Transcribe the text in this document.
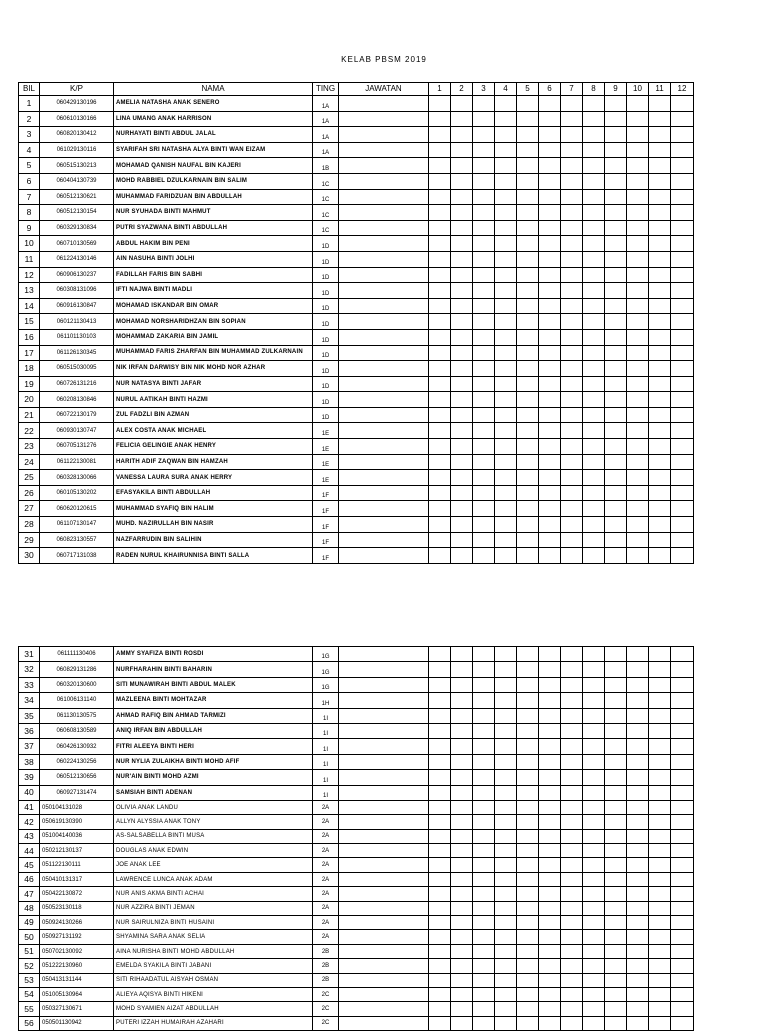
KELAB PBSM 2019
BIL	K/P	NAMA	TING	JAWATAN	1	2	3	4	5	6	7	8	9	10	11	12
1	060429130196	AMELIA NATASHA ANAK SENERO	1A													
2	060610130166	LINA UMANG ANAK HARRISON	1A													
3	060820130412	NURHAYATI BINTI ABDUL JALAL	1A													
4	061029130116	SYARIFAH SRI NATASHA ALYA BINTI WAN EIZAM	1A													
5	060515130213	MOHAMAD QANISH NAUFAL BIN KAJERI	1B													
6	060404130739	MOHD RABBIEL DZULKARNAIN BIN SALIM	1C													
7	060512130621	MUHAMMAD FARIDZUAN BIN ABDULLAH	1C													
8	060512130154	NUR SYUHADA BINTI MAHMUT	1C													
9	060329130834	PUTRI SYAZWANA BINTI ABDULLAH	1C													
10	060710130569	ABDUL HAKIM BIN PENI	1D													
11	061224130146	AIN NASUHA BINTI JOLHI	1D													
12	060906130237	FADILLAH FARIS BIN SABHI	1D													
13	060308131096	IFTI NAJWA BINTI MADLI	1D													
14	060916130847	MOHAMAD ISKANDAR BIN OMAR	1D													
15	060121130413	MOHAMAD NORSHARIDHZAN BIN SOPIAN	1D													
16	061101130103	MOHAMMAD ZAKARIA BIN JAMIL	1D													
17	061126130345	MUHAMMAD FARIS ZHARFAN BIN MUHAMMAD ZULKARNAIN	1D													
18	060515030095	NIK IRFAN DARWISY BIN NIK MOHD NOR AZHAR	1D													
19	060726131216	NUR NATASYA BINTI JAFAR	1D													
20	060208130846	NURUL AATIKAH BINTI HAZMI	1D													
21	060722130179	ZUL FADZLI BIN AZMAN	1D													
22	060930130747	ALEX COSTA ANAK MICHAEL	1E													
23	060705131276	FELICIA GELINGIE ANAK HENRY	1E													
24	061122130081	HARITH ADIF ZAQWAN BIN HAMZAH	1E													
25	060328130066	VANESSA LAURA SURA ANAK HERRY	1E													
26	060105130202	EFASYAKILA BINTI ABDULLAH	1F													
27	060620120615	MUHAMMAD SYAFIQ BIN HALIM	1F													
28	061107130147	MUHD. NAZIRULLAH BIN NASIR	1F													
29	060823130557	NAZFARRUDIN BIN SALIHIN	1F													
30	060717131038	RADEN NURUL KHAIRUNNISA BINTI SALLA	1F													
31	061111130406	AMMY SYAFIZA BINTI ROSDI	1G													
32	060829131286	NURFHARAHIN BINTI BAHARIN	1G													
33	060320130600	SITI MUNAWIRAH BINTI ABDUL MALEK	1G													
34	061006131140	MAZLEENA BINTI MOHTAZAR	1H													
35	061130130575	AHMAD RAFIQ BIN AHMAD TARMIZI	1I													
36	060608130589	ANIQ IRFAN BIN ABDULLAH	1I													
37	060426130932	FITRI ALEEYA BINTI HERI	1I													
38	060224130256	NUR NYLIA ZULAIKHA BINTI MOHD AFIF	1I													
39	060512130656	NUR'AIN BINTI MOHD AZMI	1I													
40	060927131474	SAMSIAH BINTI ADENAN	1I													
41	050104131028	OLIVIA ANAK LANDU	2A													
42	050619130390	ALLYN ALYSSIA ANAK TONY	2A													
43	051004140036	AS-SALSABELLA BINTI MUSA	2A													
44	050212130137	DOUGLAS ANAK EDWIN	2A													
45	051122130111	JOE ANAK LEE	2A													
46	050410131317	LAWRENCE LUNCA ANAK ADAM	2A													
47	050422130872	NUR ANIS AKMA BINTI ACHAI	2A													
48	050523130118	NUR AZZIRA BINTI JEMAN	2A													
49	050924130266	NUR SAIRULNIZA BINTI HUSAINI	2A													
50	050927131192	SHYAMINA SARA ANAK SELIA	2A													
51	050702130092	AINA NURISHA BINTI MOHD ABDULLAH	2B													
52	051222130960	EMELDA SYAKILA BINTI JABANI	2B													
53	050413131144	SITI RIHAADATUL AISYAH OSMAN	2B													
54	051005130964	ALIEYA AQISYA BINTI HIKENI	2C													
55	050327130671	MOHD SYAMIEN AIZAT ABDULLAH	2C													
56	050501130942	PUTERI IZZAH HUMAIRAH AZAHARI	2C													
